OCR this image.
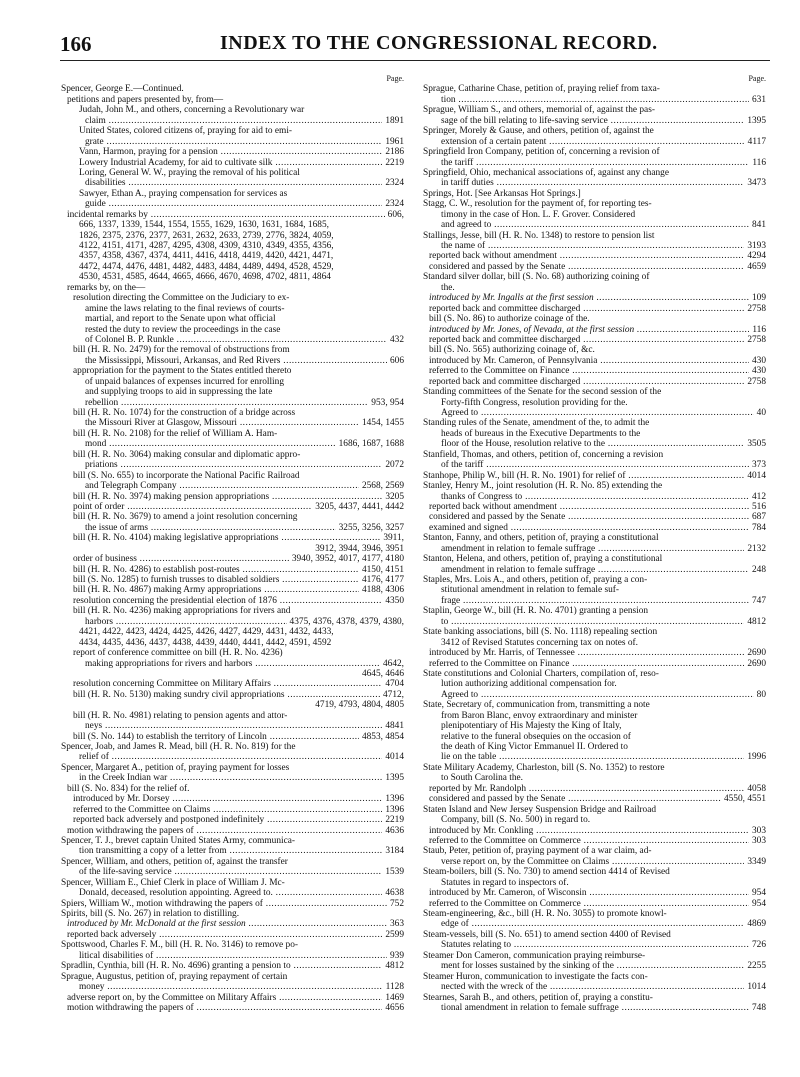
166	INDEX TO THE CONGRESSIONAL RECORD.
Page.
Spencer, George E.—Continued.
petitions and papers presented by, from—
Judah, John M., and others, concerning a Revolutionary war
claim .....	1891
United States, colored citizens of, praying for aid to emi-
grate .....	1961
Vann, Harmon, praying for a pension .....	2186
Lowery Industrial Academy, for aid to cultivate silk .....	2219
Loring, General W. W., praying the removal of his political
disabilities .....	2324
Sawyer, Ethan A., praying compensation for services as
guide .....	2324
incidental remarks by .....	606,
666, 1337, 1339, 1544, 1554, 1555, 1629, 1630, 1631, 1684, 1685,
1826, 2375, 2376, 2377, 2631, 2632, 2633, 2739, 2776, 3824, 4059,
4122, 4151, 4171, 4287, 4295, 4308, 4309, 4310, 4349, 4355, 4356,
4357, 4358, 4367, 4374, 4411, 4416, 4418, 4419, 4420, 4421, 4471,
4472, 4474, 4476, 4481, 4482, 4483, 4484, 4489, 4494, 4528, 4529,
4530, 4531, 4585, 4644, 4665, 4666, 4670, 4698, 4702, 4811, 4864
remarks by, on the—
resolution directing the Committee on the Judiciary to ex-
amine the laws relating to the final reviews of courts-
martial, and report to the Senate upon what official
rested the duty to review the proceedings in the case
of Colonel B. P. Runkle .....	432
bill (H. R. No. 2479) for the removal of obstructions from
the Mississippi, Missouri, Arkansas, and Red Rivers .....	606
appropriation for the payment to the States entitled thereto
of unpaid balances of expenses incurred for enrolling
and supplying troops to aid in suppressing the late
rebellion .....	953, 954
bill (H. R. No. 1074) for the construction of a bridge across
the Missouri River at Glasgow, Missouri .....	1454, 1455
bill (H. R. No. 2108) for the relief of William A. Ham-
mond .....	1686, 1687, 1688
bill (H. R. No. 3064) making consular and diplomatic appro-
priations .....	2072
bill (S. No. 655) to incorporate the National Pacific Railroad
and Telegraph Company .....	2568, 2569
bill (H. R. No. 3974) making pension appropriations .....	3205
point of order .....	3205, 4437, 4441, 4442
bill (H. R. No. 3679) to amend a joint resolution concerning
the issue of arms .....	3255, 3256, 3257
bill (H. R. No. 4104) making legislative appropriations .....	3911,
3912, 3944, 3946, 3951
order of business .....	3940, 3952, 4017, 4177, 4180
bill (H. R. No. 4286) to establish post-routes .....	4150, 4151
bill (S. No. 1285) to furnish trusses to disabled soldiers .....	4176, 4177
bill (H. R. No. 4867) making Army appropriations .....	4188, 4306
resolution concerning the presidential election of 1876 .....	4350
bill (H. R. No. 4236) making appropriations for rivers and
harbors .....	4375, 4376, 4378, 4379, 4380,
4421, 4422, 4423, 4424, 4425, 4426, 4427, 4429, 4431, 4432, 4433,
4434, 4435, 4436, 4437, 4438, 4439, 4440, 4441, 4442, 4591, 4592
report of conference committee on bill (H. R. No. 4236)
making appropriations for rivers and harbors .....	4642,
4645, 4646
resolution concerning Committee on Military Affairs .....	4704
bill (H. R. No. 5130) making sundry civil appropriations .....	4712,
4719, 4793, 4804, 4805
bill (H. R. No. 4981) relating to pension agents and attor-
neys .....	4841
bill (S. No. 144) to establish the territory of Lincoln .....	4853, 4854
Spencer, Joab, and James R. Mead, bill (H. R. No. 819) for the
relief of .....	4014
Spencer, Margaret A., petition of, praying payment for losses
in the Creek Indian war .....	1395
bill (S. No. 834) for the relief of.
introduced by Mr. Dorsey .....	1396
referred to the Committee on Claims .....	1396
reported back adversely and postponed indefinitely .....	2219
motion withdrawing the papers of .....	4636
Spencer, T. J., brevet captain United States Army, communica-
tion transmitting a copy of a letter from .....	3184
Spencer, William, and others, petition of, against the transfer
of the life-saving service .....	1539
Spencer, William E., Chief Clerk in place of William J. Mc-
Donald, deceased, resolution appointing. Agreed to. .....	4638
Spiers, William W., motion withdrawing the papers of .....	752
Spirits, bill (S. No. 267) in relation to distilling.
introduced by Mr. McDonald at the first session .....	363
reported back adversely .....	2599
Spottswood, Charles F. M., bill (H. R. No. 3146) to remove po-
litical disabilities of .....	939
Spradlin, Cynthia, bill (H. R. No. 4696) granting a pension to .....	4812
Sprague, Augustus, petition of, praying repayment of certain
money .....	1128
adverse report on, by the Committee on Military Affairs .....	1469
motion withdrawing the papers of .....	4656
Page.
Sprague, Catharine Chase, petition of, praying relief from taxa-
tion .....	631
Sprague, William S., and others, memorial of, against the pas-
sage of the bill relating to life-saving service .....	1395
Springer, Morely & Gause, and others, petition of, against the
extension of a certain patent .....	4117
Springfield Iron Company, petition of, concerning a revision of
the tariff .....	116
Springfield, Ohio, mechanical associations of, against any change
in tariff duties .....	3473
Springs, Hot. [See Arkansas Hot Springs.]
Stagg, C. W., resolution for the payment of, for reporting tes-
timony in the case of Hon. L. F. Grover. Considered
and agreed to .....	841
Stallings, Jesse, bill (H. R. No. 1348) to restore to pension list
the name of .....	3193
reported back without amendment .....	4294
considered and passed by the Senate .....	4659
Standard silver dollar, bill (S. No. 68) authorizing coining of
the.
introduced by Mr. Ingalls at the first session .....	109
reported back and committee discharged .....	2758
bill (S. No. 86) to authorize coinage of the.
introduced by Mr. Jones, of Nevada, at the first session .....	116
reported back and committee discharged .....	2758
bill (S. No. 565) authorizing coinage of, &c.
introduced by Mr. Cameron, of Pennsylvania .....	430
referred to the Committee on Finance .....	430
reported back and committee discharged .....	2758
Standing committees of the Senate for the second session of the
Forty-fifth Congress, resolution providing for the.
Agreed to .....	40
Standing rules of the Senate, amendment of the, to admit the
heads of bureaus in the Executive Departments to the
floor of the House, resolution relative to the .....	3505
Stanfield, Thomas, and others, petition of, concerning a revision
of the tariff .....	373
Stanhope, Philip W., bill (H. R. No. 1901) for relief of .....	4014
Stanley, Henry M., joint resolution (H. R. No. 85) extending the
thanks of Congress to .....	412
reported back without amendment .....	516
considered and passed by the Senate .....	687
examined and signed .....	784
Stanton, Fanny, and others, petition of, praying a constitutional
amendment in relation to female suffrage .....	2132
Stanton, Helena, and others, petition of, praying a constitutional
amendment in relation to female suffrage .....	248
Staples, Mrs. Lois A., and others, petition of, praying a con-
stitutional amendment in relation to female suf-
frage .....	747
Staplin, George W., bill (H. R. No. 4701) granting a pension
to .....	4812
State banking associations, bill (S. No. 1118) repealing section
3412 of Revised Statutes concerning tax on notes of.
introduced by Mr. Harris, of Tennessee .....	2690
referred to the Committee on Finance .....	2690
State constitutions and Colonial Charters, compilation of, reso-
lution authorizing additional compensation for.
Agreed to .....	80
State, Secretary of, communication from, transmitting a note
from Baron Blanc, envoy extraordinary and minister
plenipotentiary of His Majesty the King of Italy,
relative to the funeral obsequies on the occasion of
the death of King Victor Emmanuel II. Ordered to
lie on the table .....	1996
State Military Academy, Charleston, bill (S. No. 1352) to restore
to South Carolina the.
reported by Mr. Randolph .....	4058
considered and passed by the Senate .....	4550, 4551
Staten Island and New Jersey Suspension Bridge and Railroad
Company, bill (S. No. 500) in regard to.
introduced by Mr. Conkling .....	303
referred to the Committee on Commerce .....	303
Staub, Peter, petition of, praying payment of a war claim, ad-
verse report on, by the Committee on Claims .....	3349
Steam-boilers, bill (S. No. 730) to amend section 4414 of Revised
Statutes in regard to inspectors of.
introduced by Mr. Cameron, of Wisconsin .....	954
referred to the Committee on Commerce .....	954
Steam-engineering, &c., bill (H. R. No. 3055) to promote knowl-
edge of .....	4869
Steam-vessels, bill (S. No. 651) to amend section 4400 of Revised
Statutes relating to .....	726
Steamer Don Cameron, communication praying reimburse-
ment for losses sustained by the sinking of the .....	2255
Steamer Huron, communication to investigate the facts con-
nected with the wreck of the .....	1014
Stearnes, Sarah B., and others, petition of, praying a constitu-
tional amendment in relation to female suffrage .....	748
